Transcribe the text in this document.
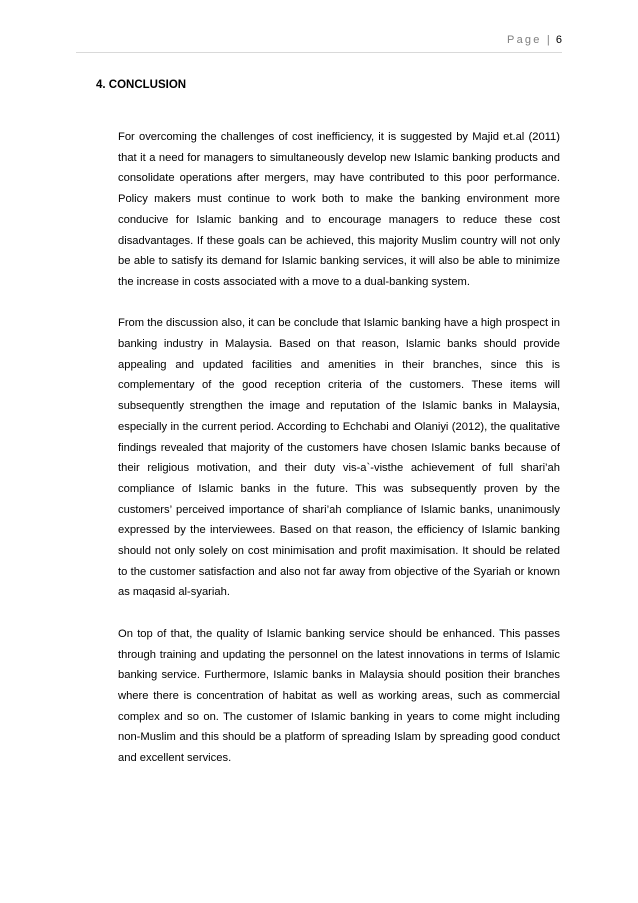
Page | 6
4. CONCLUSION

For overcoming the challenges of cost inefficiency, it is suggested by Majid et.al (2011) that it a need for managers to simultaneously develop new Islamic banking products and consolidate operations after mergers, may have contributed to this poor performance. Policy makers must continue to work both to make the banking environment more conducive for Islamic banking and to encourage managers to reduce these cost disadvantages. If these goals can be achieved, this majority Muslim country will not only be able to satisfy its demand for Islamic banking services, it will also be able to minimize the increase in costs associated with a move to a dual-banking system.

From the discussion also, it can be conclude that Islamic banking have a high prospect in banking industry in Malaysia. Based on that reason, Islamic banks should provide appealing and updated facilities and amenities in their branches, since this is complementary of the good reception criteria of the customers. These items will subsequently strengthen the image and reputation of the Islamic banks in Malaysia, especially in the current period. According to Echchabi and Olaniyi (2012), the qualitative findings revealed that majority of the customers have chosen Islamic banks because of their religious motivation, and their duty vis-a`-visthe achievement of full shari’ah compliance of Islamic banks in the future. This was subsequently proven by the customers’ perceived importance of shari’ah compliance of Islamic banks, unanimously expressed by the interviewees. Based on that reason, the efficiency of Islamic banking should not only solely on cost minimisation and profit maximisation. It should be related to the customer satisfaction and also not far away from objective of the Syariah or known as maqasid al-syariah.

On top of that, the quality of Islamic banking service should be enhanced. This passes through training and updating the personnel on the latest innovations in terms of Islamic banking service. Furthermore, Islamic banks in Malaysia should position their branches where there is concentration of habitat as well as working areas, such as commercial complex and so on. The customer of Islamic banking in years to come might including non-Muslim and this should be a platform of spreading Islam by spreading good conduct and excellent services.
